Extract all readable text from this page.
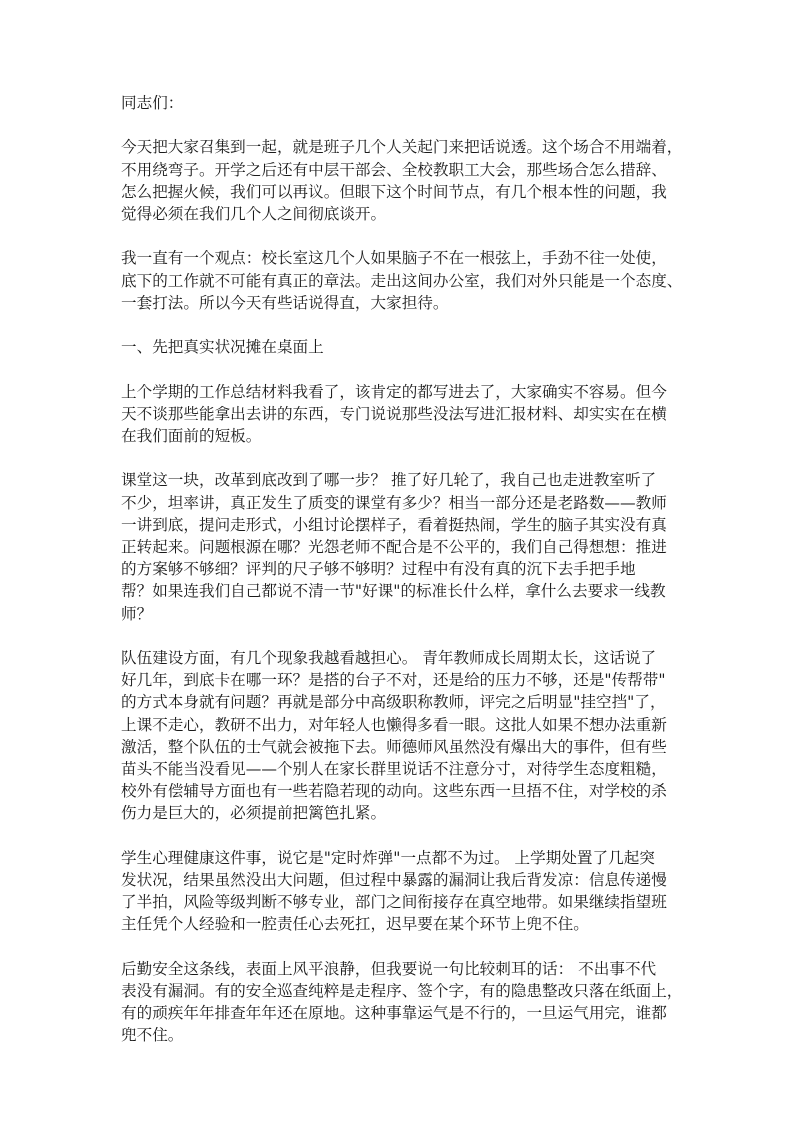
同志们：

今天把大家召集到一起，就是班子几个人关起门来把话说透。这个场合不用端着，
不用绕弯子。开学之后还有中层干部会、全校教职工大会，那些场合怎么措辞、
怎么把握火候，我们可以再议。但眼下这个时间节点，有几个根本性的问题，我
觉得必须在我们几个人之间彻底谈开。

我一直有一个观点：校长室这几个人如果脑子不在一根弦上，手劲不往一处使，
底下的工作就不可能有真正的章法。走出这间办公室，我们对外只能是一个态度、
一套打法。所以今天有些话说得直，大家担待。

一、先把真实状况摊在桌面上

上个学期的工作总结材料我看了，该肯定的都写进去了，大家确实不容易。但今
天不谈那些能拿出去讲的东西，专门说说那些没法写进汇报材料、却实实在在横
在我们面前的短板。

课堂这一块，改革到底改到了哪一步？ 推了好几轮了，我自己也走进教室听了
不少，坦率讲，真正发生了质变的课堂有多少？相当一部分还是老路数——教师
一讲到底，提问走形式，小组讨论摆样子，看着挺热闹，学生的脑子其实没有真
正转起来。问题根源在哪？光怨老师不配合是不公平的，我们自己得想想：推进
的方案够不够细？评判的尺子够不够明？过程中有没有真的沉下去手把手地
帮？如果连我们自己都说不清一节"好课"的标准长什么样，拿什么去要求一线教
师？

队伍建设方面，有几个现象我越看越担心。 青年教师成长周期太长，这话说了
好几年，到底卡在哪一环？是搭的台子不对，还是给的压力不够，还是"传帮带"
的方式本身就有问题？再就是部分中高级职称教师，评完之后明显"挂空挡"了，
上课不走心，教研不出力，对年轻人也懒得多看一眼。这批人如果不想办法重新
激活，整个队伍的士气就会被拖下去。师德师风虽然没有爆出大的事件，但有些
苗头不能当没看见——个别人在家长群里说话不注意分寸，对待学生态度粗糙，
校外有偿辅导方面也有一些若隐若现的动向。这些东西一旦捂不住，对学校的杀
伤力是巨大的，必须提前把篱笆扎紧。

学生心理健康这件事，说它是"定时炸弹"一点都不为过。 上学期处置了几起突
发状况，结果虽然没出大问题，但过程中暴露的漏洞让我后背发凉：信息传递慢
了半拍，风险等级判断不够专业，部门之间衔接存在真空地带。如果继续指望班
主任凭个人经验和一腔责任心去死扛，迟早要在某个环节上兜不住。

后勤安全这条线，表面上风平浪静，但我要说一句比较刺耳的话： 不出事不代
表没有漏洞。有的安全巡查纯粹是走程序、签个字，有的隐患整改只落在纸面上，
有的顽疾年年排查年年还在原地。这种事靠运气是不行的，一旦运气用完，谁都
兜不住。
